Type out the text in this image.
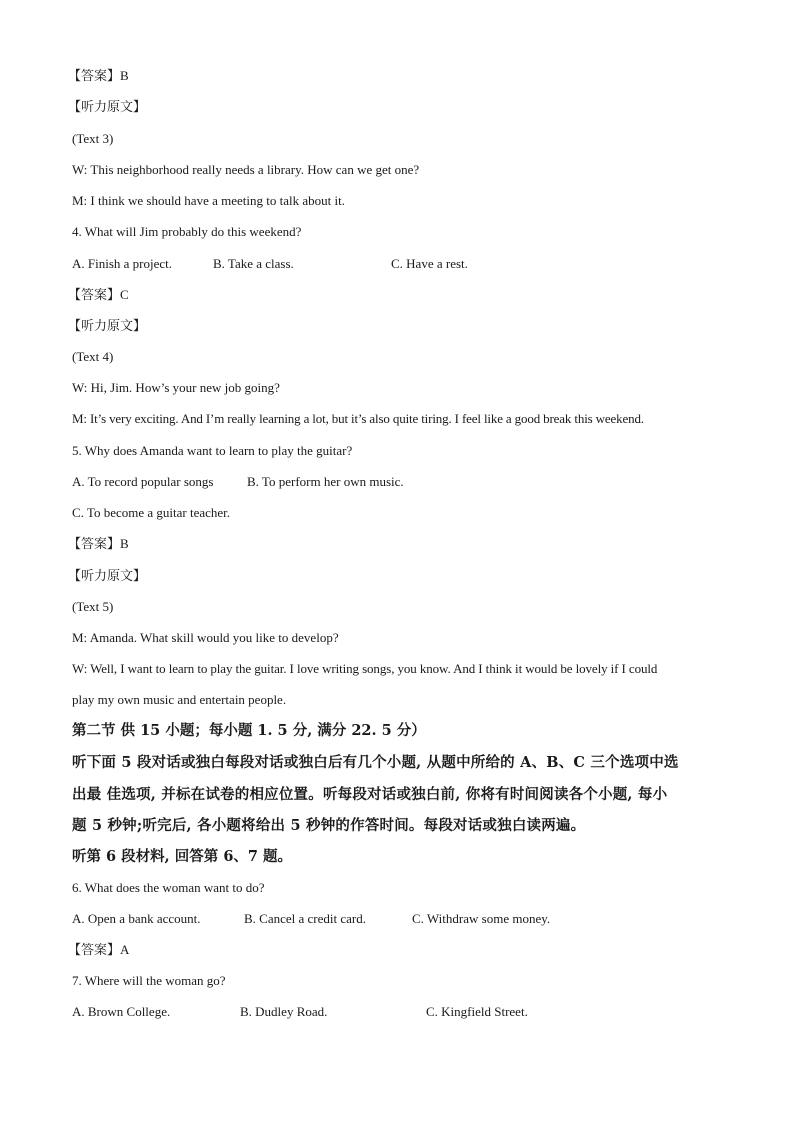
【答案】B
【听力原文】
(Text 3)
W: This neighborhood really needs a library. How can we get one?
M: I think we should have a meeting to talk about it.
4. What will Jim probably do this weekend?
A. Finish a project.	B. Take a class.	C. Have a rest.
【答案】C
【听力原文】
(Text 4)
W: Hi, Jim. How’s your new job going?
M: It’s very exciting. And I’m really learning a lot, but it’s also quite tiring. I feel like a good break this weekend.
5. Why does Amanda want to learn to play the guitar?
A. To record popular songs	B. To perform her own music.
C. To become a guitar teacher.
【答案】B
【听力原文】
(Text 5)
M: Amanda. What skill would you like to develop?
W: Well, I want to learn to play the guitar. I love writing songs, you know. And I think it would be lovely if I could
play my own music and entertain people.
第二节 供 15 小题；每小题 1. 5 分, 满分 22. 5 分）
听下面 5 段对话或独白每段对话或独白后有几个小题, 从题中所给的 A、B、C 三个选项中选
出最 佳选项, 并标在试卷的相应位置。听每段对话或独白前, 你将有时间阅读各个小题, 每小
题 5 秒钟;听完后, 各小题将给出 5 秒钟的作答时间。每段对话或独白读两遍。
听第 6 段材料, 回答第 6、7 题。
6. What does the woman want to do?
A. Open a bank account.	B. Cancel a credit card.	C. Withdraw some money.
【答案】A
7. Where will the woman go?
A. Brown College.	B. Dudley Road.	C. Kingfield Street.
